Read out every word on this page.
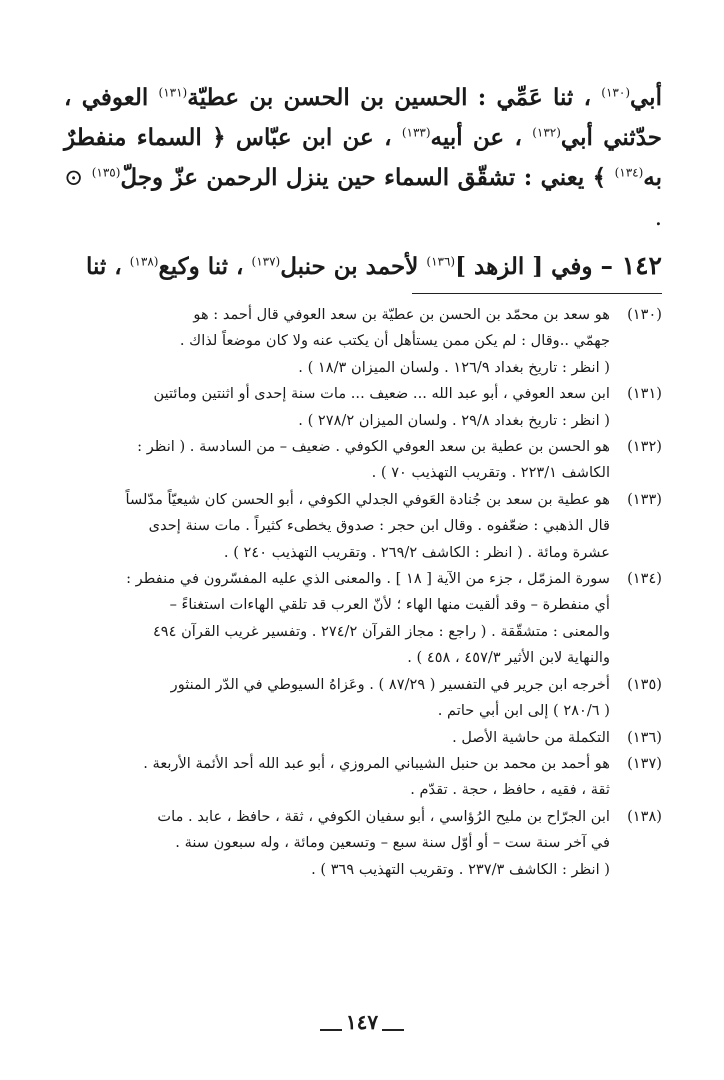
أبي$^{(١٣٠)}$ ، ثنا عَمِّي : الحسين بن الحسن بن عطيّة$^{(١٣١)}$ العوفي ، حدّثني أبي$^{(١٣٢)}$ ، عن أبيه$^{(١٣٣)}$ ، عن ابن عبّاس ﴿ السماء منفطرٌ به$^{(١٣٤)}$ ﴾ يعني : تشقّق السماء حين ينزل الرحمن عزّ وجلّ$^{(١٣٥)}$ ⊙ .

١٤٢ – وفي [ الزهد ]$^{(١٣٦)}$ لأحمد بن حنبل$^{(١٣٧)}$ ، ثنا وكيع$^{(١٣٨)}$ ، ثنا

(١٣٠)
هو سعد بن محمّد بن الحسن بن عطيّة بن سعد العوفي قال أحمد : هو
جهمّي ..وقال : لم يكن ممن يستأهل أن يكتب عنه ولا كان موضعاً لذاك .
( انظر : تاريخ بغداد ١٢٦/٩ . ولسان الميزان ١٨/٣ ) .
(١٣١)
ابن سعد العوفي ، أبو عبد الله ... ضعيف ... مات سنة إحدى أو اثنتين ومائتين
( انظر : تاريخ بغداد ٢٩/٨ . ولسان الميزان ٢٧٨/٢ ) .
(١٣٢)
هو الحسن بن عطية بن سعد العوفي الكوفي . ضعيف – من السادسة . ( انظر :
الكاشف ٢٢٣/١ . وتقريب التهذيب ٧٠ ) .
(١٣٣)
هو عطية بن سعد بن جُنادة العَوفي الجدلي الكوفي ، أبو الحسن كان شيعيّاً مدّلساً
قال الذهبي : ضعّفوه . وقال ابن حجر : صدوق يخطىء كثيراً . مات سنة إحدى
عشرة ومائة . ( انظر : الكاشف ٢٦٩/٢ . وتقريب التهذيب ٢٤٠ ) .
(١٣٤)
سورة المزمّل ، جزء من الآية [ ١٨ ] . والمعنى الذي عليه المفسّرون في منفطر :
أي منفطرة – وقد ألقيت منها الهاء ؛ لأنّ العرب قد تلقي الهاءات استغناءً –
والمعنى : متشقّقة . ( راجع : مجاز القرآن ٢٧٤/٢ . وتفسير غريب القرآن ٤٩٤
والنهاية لابن الأثير ٤٥٧/٣ ، ٤٥٨ ) .
(١٣٥)
أخرجه ابن جرير في التفسير ( ٨٧/٢٩ ) . وعَزاهُ السيوطي في الدّر المنثور
( ٢٨٠/٦ ) إلى ابن أبي حاتم .
(١٣٦)
التكملة من حاشية الأصل .
(١٣٧)
هو أحمد بن محمد بن حنبل الشيباني المروزي ، أبو عبد الله أحد الأئمة الأربعة .
ثقة ، فقيه ، حافظ ، حجة . تقدّم .
(١٣٨)
ابن الجرّاح بن مليح الرُؤاسي ، أبو سفيان الكوفي ، ثقة ، حافظ ، عابد . مات
في آخر سنة ست – أو أوّل سنة سبع – وتسعين ومائة ، وله سبعون سنة .
( انظر : الكاشف ٢٣٧/٣ . وتقريب التهذيب ٣٦٩ ) .
١٤٧
